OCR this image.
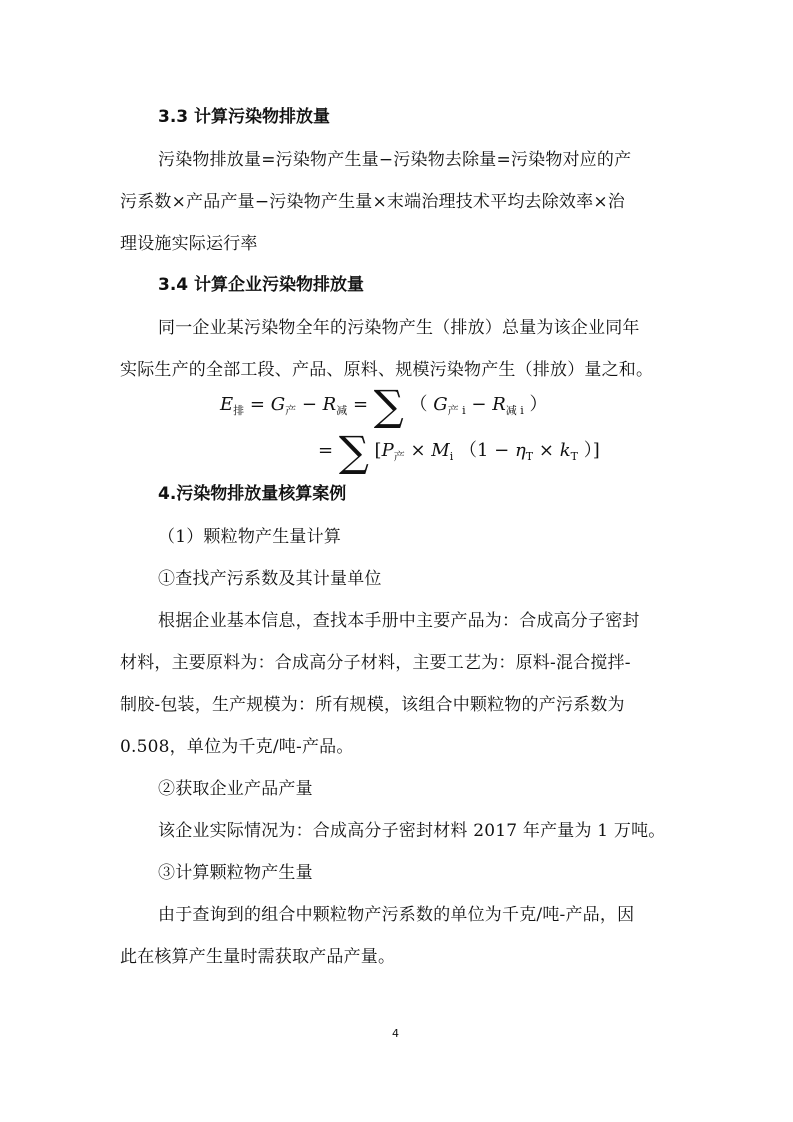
3.3 计算污染物排放量
污染物排放量=污染物产生量−污染物去除量=污染物对应的产
污系数×产品产量−污染物产生量×末端治理技术平均去除效率×治
理设施实际运行率
3.4 计算企业污染物排放量
同一企业某污染物全年的污染物产生（排放）总量为该企业同年
实际生产的全部工段、产品、原料、规模污染物产生（排放）量之和。
$E_排 = G_产 - R_减$ = ∑ （ $G_{产 i} - R_{减 i}$ ）
= ∑ [$P_产 \times M_i$ （$1 - \eta_T \times k_T$ ）]
4.污染物排放量核算案例
（1）颗粒物产生量计算
①查找产污系数及其计量单位
根据企业基本信息，查找本手册中主要产品为：合成高分子密封
材料，主要原料为：合成高分子材料，主要工艺为：原料-混合搅拌-
制胶-包装，生产规模为：所有规模，该组合中颗粒物的产污系数为
0.508，单位为千克/吨-产品。
②获取企业产品产量
该企业实际情况为：合成高分子密封材料 2017 年产量为 1 万吨。
③计算颗粒物产生量
由于查询到的组合中颗粒物产污系数的单位为千克/吨-产品，因
此在核算产生量时需获取产品产量。
4
